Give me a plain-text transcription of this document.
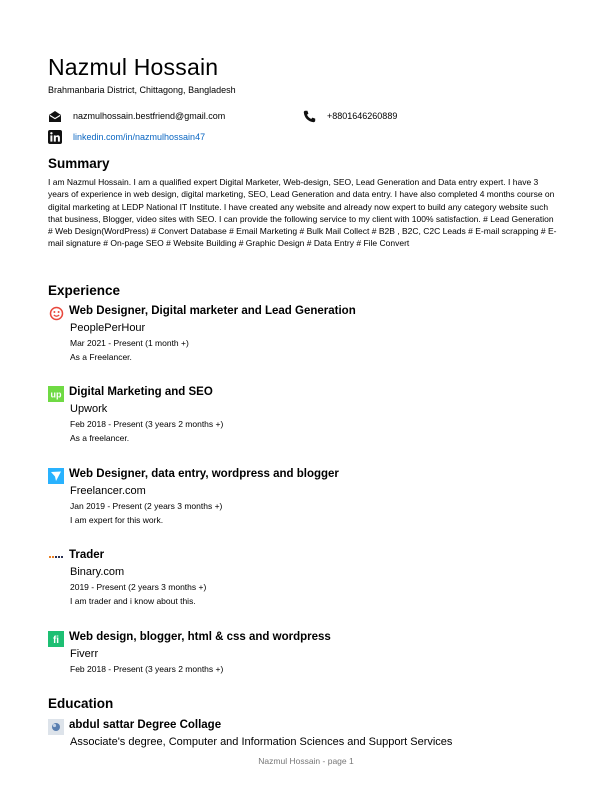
Nazmul Hossain
Brahmanbaria District, Chittagong, Bangladesh
nazmulhossain.bestfriend@gmail.com	+8801646260889
linkedin.com/in/nazmulhossain47
Summary
I am Nazmul Hossain. I am a qualified expert Digital Marketer, Web-design, SEO, Lead Generation and Data entry expert. I have 3 years of experience in web design, digital marketing, SEO, Lead Generation and data entry. I have also completed 4 months course on digital marketing at LEDP National IT Institute. I have created any website and already now expert to build any category website such that business, Blogger, video sites with SEO. I can provide the following service to my client with 100% satisfaction. # Lead Generation # Web Design(WordPress) # Convert Database # Email Marketing # Bulk Mail Collect # B2B , B2C, C2C Leads # E-mail scrapping # E-mail signature # On-page SEO # Website Building # Graphic Design # Data Entry # File Convert
Experience
Web Designer, Digital marketer and Lead Generation
PeoplePerHour
Mar 2021 - Present (1 month +)
As a Freelancer.
up Digital Marketing and SEO
Upwork
Feb 2018 - Present (3 years 2 months +)
As a freelancer.
Web Designer, data entry, wordpress and blogger
Freelancer.com
Jan 2019 - Present (2 years 3 months +)
I am expert for this work.
Trader
Binary.com
2019 - Present (2 years 3 months +)
I am trader and i know about this.
fi Web design, blogger, html & css and wordpress
Fiverr
Feb 2018 - Present (3 years 2 months +)
Education
abdul sattar Degree Collage
Associate's degree, Computer and Information Sciences and Support Services
Nazmul Hossain - page 1
